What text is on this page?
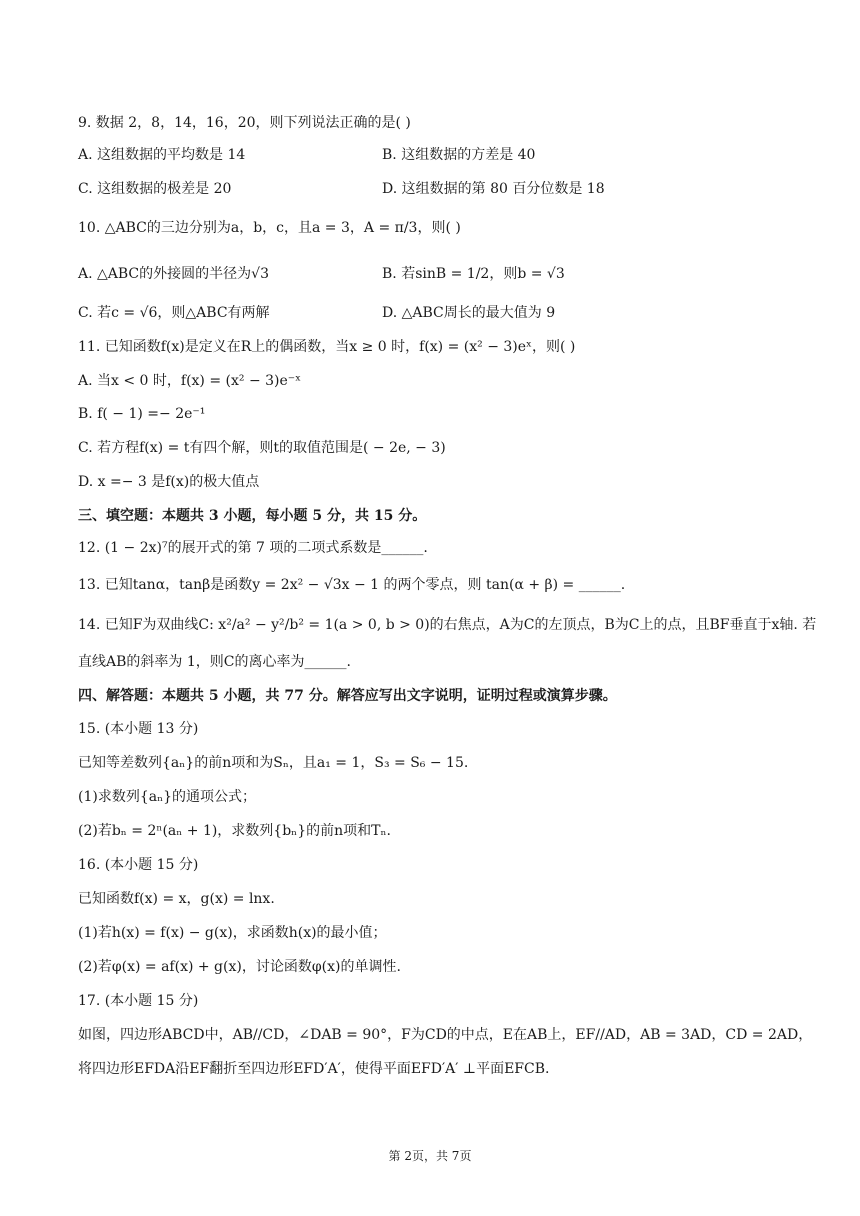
9. 数据 2，8，14，16，20，则下列说法正确的是( )
A. 这组数据的平均数是 14	B. 这组数据的方差是 40
C. 这组数据的极差是 20	D. 这组数据的第 80 百分位数是 18
10. △ABC的三边分别为a，b，c，且a = 3，A = π/3，则( )
A. △ABC的外接圆的半径为√3	B. 若sinB = 1/2，则b = √3
C. 若c = √6，则△ABC有两解	D. △ABC周长的最大值为 9
11. 已知函数f(x)是定义在R上的偶函数，当x ≥ 0 时，f(x) = (x² − 3)eˣ，则( )
A. 当x < 0 时，f(x) = (x² − 3)e⁻ˣ
B. f( − 1) =− 2e⁻¹
C. 若方程f(x) = t有四个解，则t的取值范围是( − 2e, − 3)
D. x =− 3 是f(x)的极大值点
三、填空题：本题共 3 小题，每小题 5 分，共 15 分。
12. (1 − 2x)⁷的展开式的第 7 项的二项式系数是______.
13. 已知tanα，tanβ是函数y = 2x² − √3x − 1 的两个零点，则 tan(α + β) = ______.
14. 已知F为双曲线C: x²/a² − y²/b² = 1(a > 0, b > 0)的右焦点，A为C的左顶点，B为C上的点，且BF垂直于x轴. 若
直线AB的斜率为 1，则C的离心率为______.
四、解答题：本题共 5 小题，共 77 分。解答应写出文字说明，证明过程或演算步骤。
15. (本小题 13 分)
已知等差数列{aₙ}的前n项和为Sₙ，且a₁ = 1，S₃ = S₆ − 15.
(1)求数列{aₙ}的通项公式；
(2)若bₙ = 2ⁿ(aₙ + 1)，求数列{bₙ}的前n项和Tₙ.
16. (本小题 15 分)
已知函数f(x) = x，g(x) = lnx.
(1)若h(x) = f(x) − g(x)，求函数h(x)的最小值；
(2)若φ(x) = af(x) + g(x)，讨论函数φ(x)的单调性.
17. (本小题 15 分)
如图，四边形ABCD中，AB//CD，∠DAB = 90°，F为CD的中点，E在AB上，EF//AD，AB = 3AD，CD = 2AD，
将四边形EFDA沿EF翻折至四边形EFD′A′，使得平面EFD′A′ ⊥平面EFCB.
第 2页，共 7页
